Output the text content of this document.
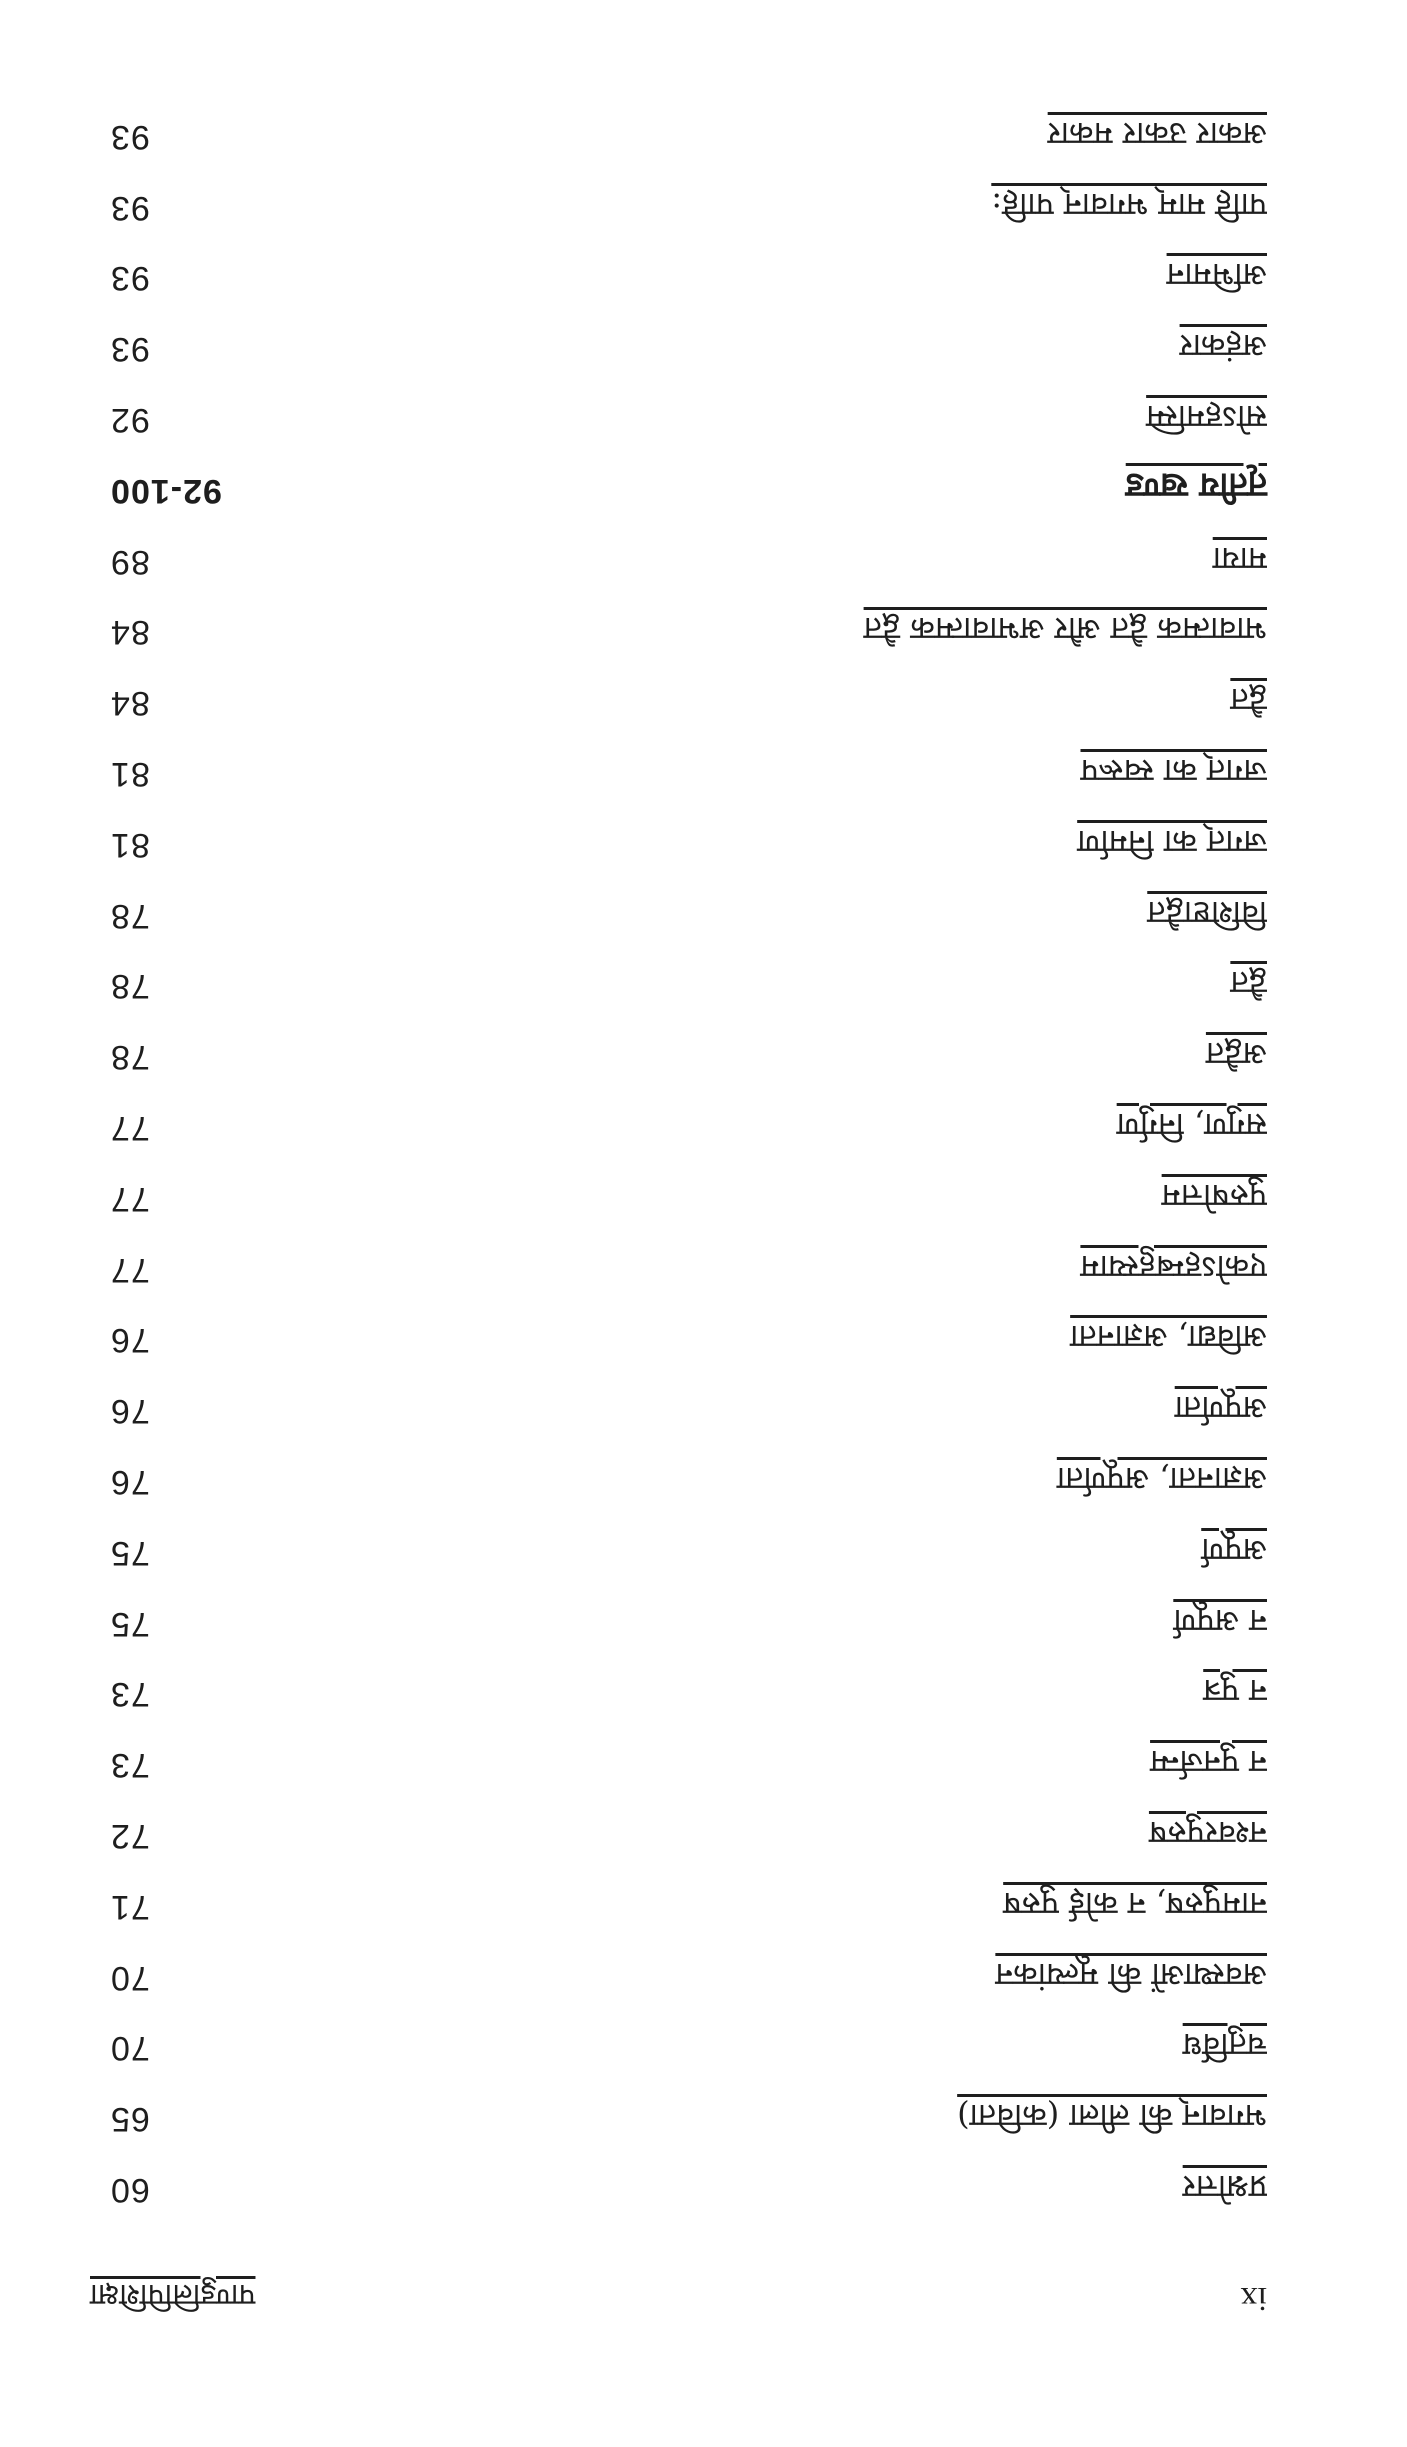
ix
पाण्डुलिपिशिक्षा
प्रश्नोत्तर
60
भगवान् की लीला (कविता)
65
चतुर्विध
70
अवस्थाओं की मूल्यांकन
70
नामपुरुष, न कोई पुरुष
71
नश्वरपुरुष
72
न पुनर्जन्म
73
न पुत्र
73
न अपूर्ण
75
अपूर्ण
75
अज्ञानता, अपूर्णता
76
अपूर्णता
76
अविद्या, अज्ञानता
76
एकोऽहम्बहुस्याम
77
पुरुषोत्तम
77
सगुण, निर्गुण
77
अद्वैत
78
द्वैत
78
विशिष्टाद्वैत
78
जगत् का निर्माण
81
जगत् का स्वरूप
81
द्वैत
84
भावात्मक द्वैत और अभावात्मक द्वैत
84
माया
89
तृतीय खण्ड
92-100
सोऽहमस्मि
92
अहंकार
93
अभिमान
93
पाहि माम् भगवान् पाहि:
93
अकार उकार मकार
93
